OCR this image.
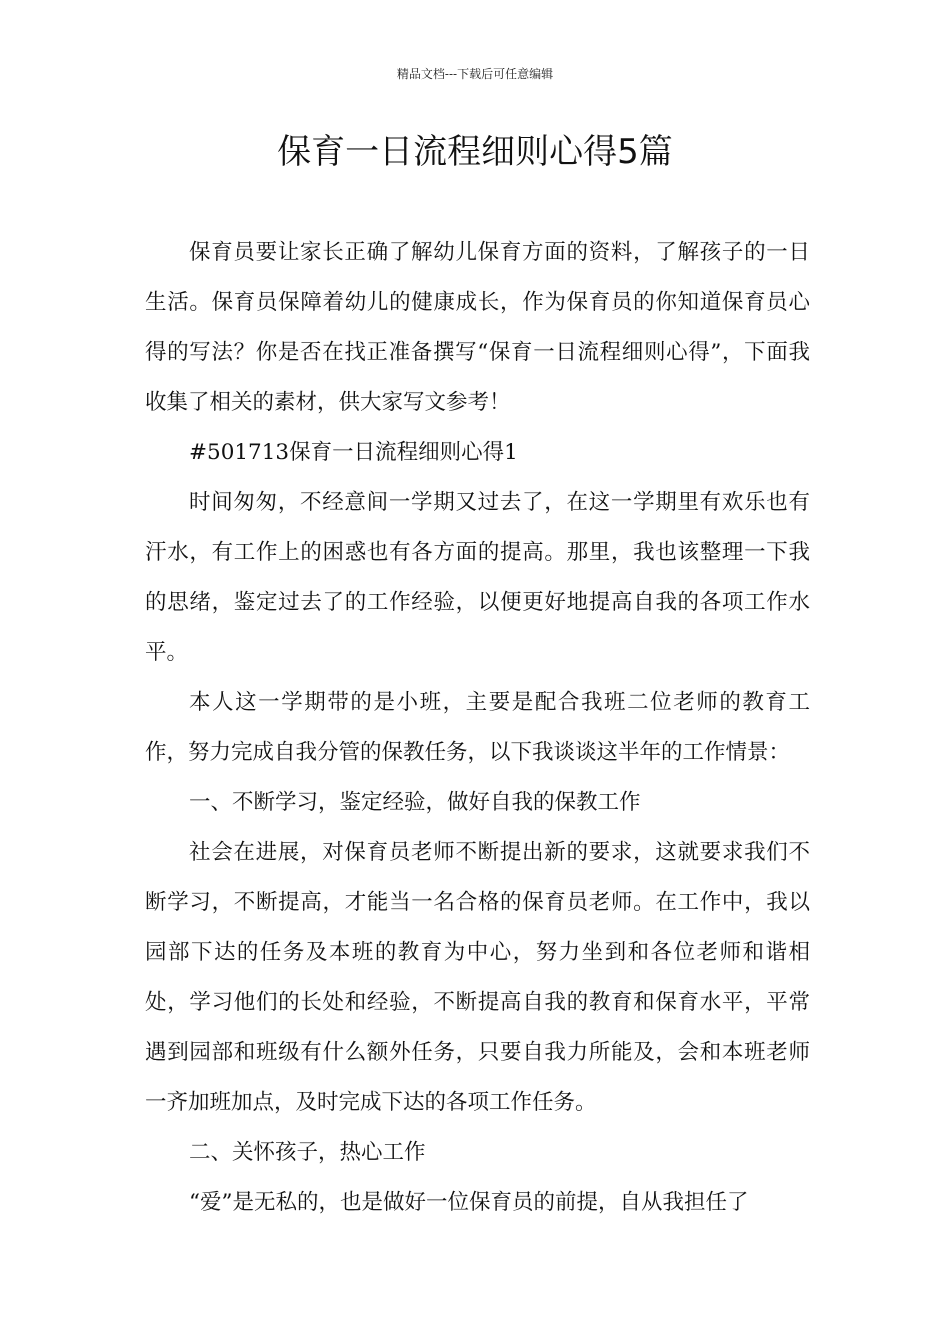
精品文档---下载后可任意编辑
保育一日流程细则心得5篇

保育员要让家长正确了解幼儿保育方面的资料，了解孩子的一日生活。保育员保障着幼儿的健康成长，作为保育员的你知道保育员心得的写法？你是否在找正准备撰写“保育一日流程细则心得”，下面我收集了相关的素材，供大家写文参考！

#501713保育一日流程细则心得1

时间匆匆，不经意间一学期又过去了，在这一学期里有欢乐也有汗水，有工作上的困惑也有各方面的提高。那里，我也该整理一下我的思绪，鉴定过去了的工作经验，以便更好地提高自我的各项工作水平。

本人这一学期带的是小班，主要是配合我班二位老师的教育工作，努力完成自我分管的保教任务，以下我谈谈这半年的工作情景：

一、不断学习，鉴定经验，做好自我的保教工作

社会在进展，对保育员老师不断提出新的要求，这就要求我们不断学习，不断提高，才能当一名合格的保育员老师。在工作中，我以园部下达的任务及本班的教育为中心，努力坐到和各位老师和谐相处，学习他们的长处和经验，不断提高自我的教育和保育水平，平常遇到园部和班级有什么额外任务，只要自我力所能及，会和本班老师一齐加班加点，及时完成下达的各项工作任务。

二、关怀孩子，热心工作

“爱”是无私的，也是做好一位保育员的前提，自从我担任了
